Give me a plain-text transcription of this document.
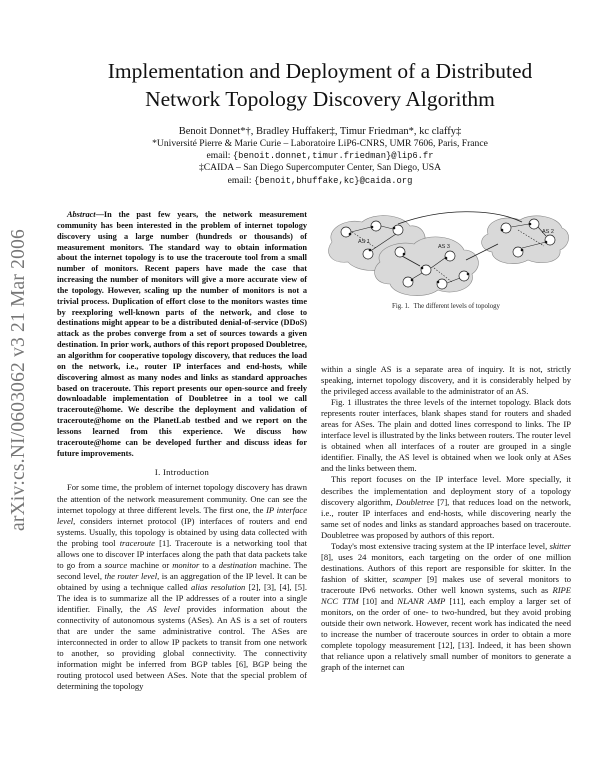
arXiv:cs.NI/0603062 v3 21 Mar 2006
Implementation and Deployment of a Distributed
Network Topology Discovery Algorithm
Benoit Donnet*†, Bradley Huffaker‡, Timur Friedman*, kc claffy‡
*Université Pierre & Marie Curie – Laboratoire LiP6-CNRS, UMR 7606, Paris, France
email: {benoit.donnet,timur.friedman}@lip6.fr
‡CAIDA – San Diego Supercomputer Center, San Diego, USA
email: {benoit,bhuffake,kc}@caida.org

Abstract—In the past few years, the network measurement community has been interested in the problem of internet topology discovery using a large number (hundreds or thousands) of measurement monitors. The standard way to obtain information about the internet topology is to use the traceroute tool from a small number of monitors. Recent papers have made the case that increasing the number of monitors will give a more accurate view of the topology. However, scaling up the number of monitors is not a trivial process. Duplication of effort close to the monitors wastes time by reexploring well-known parts of the network, and close to destinations might appear to be a distributed denial-of-service (DDoS) attack as the probes converge from a set of sources towards a given destination. In prior work, authors of this report proposed Doubletree, an algorithm for cooperative topology discovery, that reduces the load on the network, i.e., router IP interfaces and end-hosts, while discovering almost as many nodes and links as standard approaches based on traceroute. This report presents our open-source and freely downloadable implementation of Doubletree in a tool we call traceroute@home. We describe the deployment and validation of traceroute@home on the PlanetLab testbed and we report on the lessons learned from this experience. We discuss how traceroute@home can be developed further and discuss ideas for future improvements.

I. Introduction

For some time, the problem of internet topology discovery has drawn the attention of the network measurement community. One can see the internet topology at three different levels. The first one, the IP interface level, considers internet protocol (IP) interfaces of routers and end systems. Usually, this topology is obtained by using data collected with the probing tool traceroute [1]. Traceroute is a networking tool that allows one to discover IP interfaces along the path that data packets take to go from a source machine or monitor to a destination machine. The second level, the router level, is an aggregation of the IP level. It can be obtained by using a technique called alias resolution [2], [3], [4], [5]. The idea is to summarize all the IP addresses of a router into a single identifier. Finally, the AS level provides information about the connectivity of autonomous systems (ASes). An AS is a set of routers that are under the same administrative control. The ASes are interconnected in order to allow IP packets to transit from one network to another, so providing global connectivity. The connectivity information might be inferred from BGP tables [6], BGP being the routing protocol used between ASes. Note that the special problem of determining the topology

AS 1
AS 2
AS 3
Fig. 1. The different levels of topology

within a single AS is a separate area of inquiry. It is not, strictly speaking, internet topology discovery, and it is considerably helped by the privileged access available to the administrator of an AS.

Fig. 1 illustrates the three levels of the internet topology. Black dots represents router interfaces, blank shapes stand for routers and shaded areas for ASes. The plain and dotted lines correspond to links. The IP interface level is illustrated by the links between routers. The router level is obtained when all interfaces of a router are grouped in a single identifier. Finally, the AS level is obtained when we look only at ASes and the links between them.

This report focuses on the IP interface level. More specially, it describes the implementation and deployment story of a topology discovery algorithm, Doubletree [7], that reduces load on the network, i.e., router IP interfaces and end-hosts, while discovering nearly the same set of nodes and links as standard approaches based on traceroute. Doubletree was proposed by authors of this report.

Today's most extensive tracing system at the IP interface level, skitter [8], uses 24 monitors, each targeting on the order of one million destinations. Authors of this report are responsible for skitter. In the fashion of skitter, scamper [9] makes use of several monitors to traceroute IPv6 networks. Other well known systems, such as RIPE NCC TTM [10] and NLANR AMP [11], each employ a larger set of monitors, on the order of one- to two-hundred, but they avoid probing outside their own network. However, recent work has indicated the need to increase the number of traceroute sources in order to obtain a more complete topology measurement [12], [13]. Indeed, it has been shown that reliance upon a relatively small number of monitors to generate a graph of the internet can
